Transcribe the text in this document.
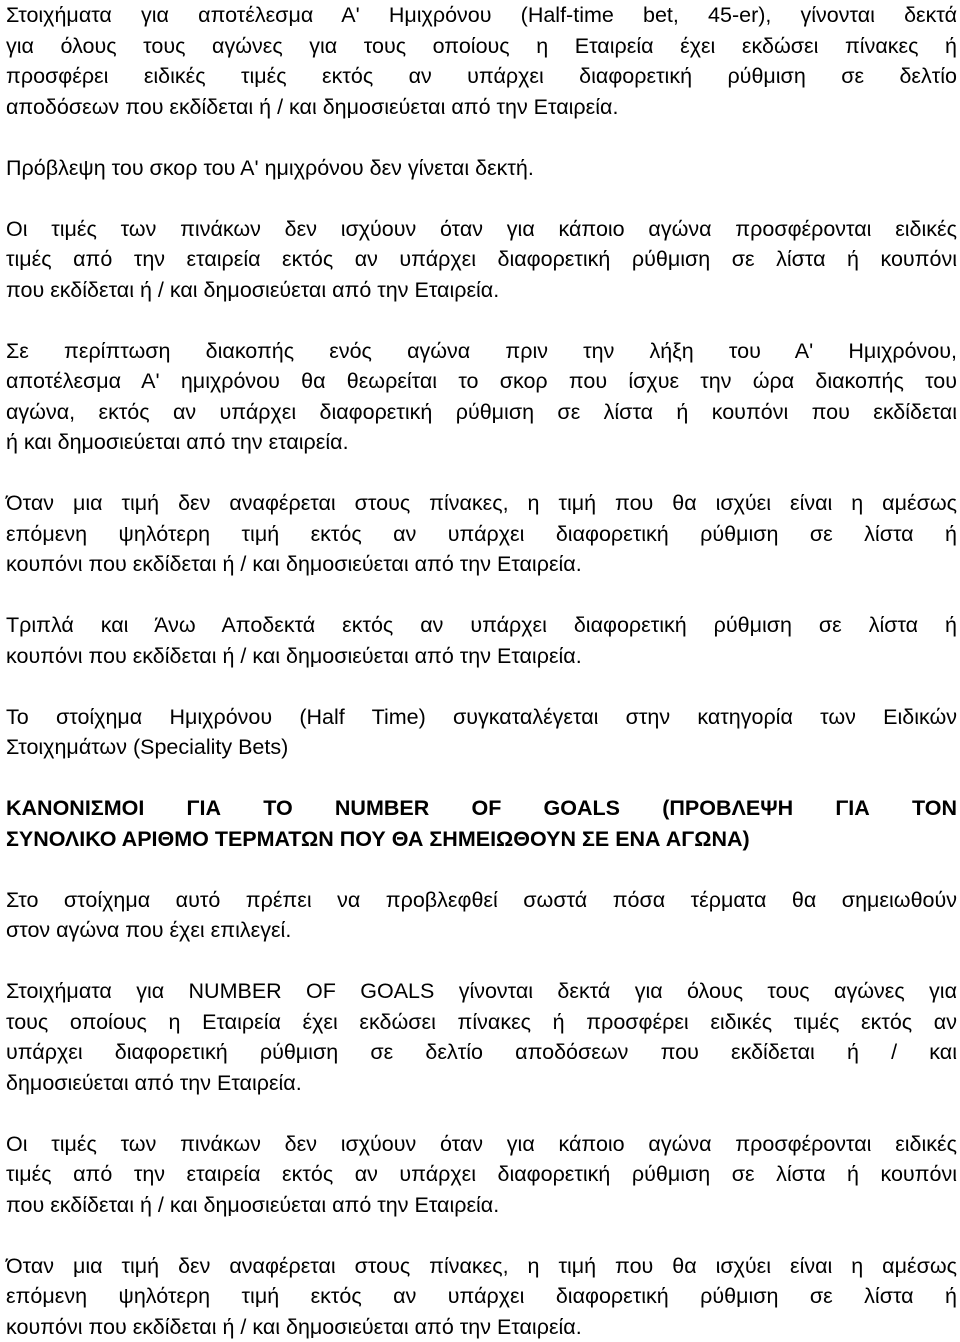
Στοιχήματα για αποτέλεσμα Α' Ημιχρόνου (Half-time bet, 45-er), γίνονται δεκτά
για όλους τους αγώνες για τους οποίους η Εταιρεία έχει εκδώσει πίνακες ή
προσφέρει ειδικές τιμές εκτός αν υπάρχει διαφορετική ρύθμιση σε δελτίο
αποδόσεων που εκδίδεται ή / και δημοσιεύεται από την Εταιρεία.
Πρόβλεψη του σκορ του Α' ημιχρόνου δεν γίνεται δεκτή.
Οι τιμές των πινάκων δεν ισχύουν όταν για κάποιο αγώνα προσφέρονται ειδικές
τιμές από την εταιρεία εκτός αν υπάρχει διαφορετική ρύθμιση σε λίστα ή κουπόνι
που εκδίδεται ή / και δημοσιεύεται από την Εταιρεία.
Σε περίπτωση διακοπής ενός αγώνα πριν την λήξη του Α' Ημιχρόνου,
αποτέλεσμα Α' ημιχρόνου θα θεωρείται το σκορ που ίσχυε την ώρα διακοπής του
αγώνα, εκτός αν υπάρχει διαφορετική ρύθμιση σε λίστα ή κουπόνι που εκδίδεται
ή και δημοσιεύεται από την εταιρεία.
Όταν μια τιμή δεν αναφέρεται στους πίνακες, η τιμή που θα ισχύει είναι η αμέσως
επόμενη ψηλότερη τιμή εκτός αν υπάρχει διαφορετική ρύθμιση σε λίστα ή
κουπόνι που εκδίδεται ή / και δημοσιεύεται από την Εταιρεία.
Τριπλά και Άνω Αποδεκτά εκτός αν υπάρχει διαφορετική ρύθμιση σε λίστα ή
κουπόνι που εκδίδεται ή / και δημοσιεύεται από την Εταιρεία.
Το στοίχημα Ημιχρόνου (Half Time) συγκαταλέγεται στην κατηγορία των Ειδικών
Στοιχημάτων (Speciality Bets)
ΚΑΝΟΝΙΣΜΟΙ ΓΙΑ ΤΟ NUMBER OF GOALS (ΠΡΟΒΛΕΨΗ ΓΙΑ ΤΟΝ
ΣΥΝΟΛΙΚΟ ΑΡΙΘΜΟ ΤΕΡΜΑΤΩΝ ΠΟΥ ΘΑ ΣΗΜΕΙΩΘΟΥΝ ΣΕ ΕΝΑ ΑΓΩΝΑ)
Στο στοίχημα αυτό πρέπει να προβλεφθεί σωστά πόσα τέρματα θα σημειωθούν
στον αγώνα που έχει επιλεγεί.
Στοιχήματα για NUMBER OF GOALS γίνονται δεκτά για όλους τους αγώνες για
τους οποίους η Εταιρεία έχει εκδώσει πίνακες ή προσφέρει ειδικές τιμές εκτός αν
υπάρχει διαφορετική ρύθμιση σε δελτίο αποδόσεων που εκδίδεται ή / και
δημοσιεύεται από την Εταιρεία.
Οι τιμές των πινάκων δεν ισχύουν όταν για κάποιο αγώνα προσφέρονται ειδικές
τιμές από την εταιρεία εκτός αν υπάρχει διαφορετική ρύθμιση σε λίστα ή κουπόνι
που εκδίδεται ή / και δημοσιεύεται από την Εταιρεία.
Όταν μια τιμή δεν αναφέρεται στους πίνακες, η τιμή που θα ισχύει είναι η αμέσως
επόμενη ψηλότερη τιμή εκτός αν υπάρχει διαφορετική ρύθμιση σε λίστα ή
κουπόνι που εκδίδεται ή / και δημοσιεύεται από την Εταιρεία.
